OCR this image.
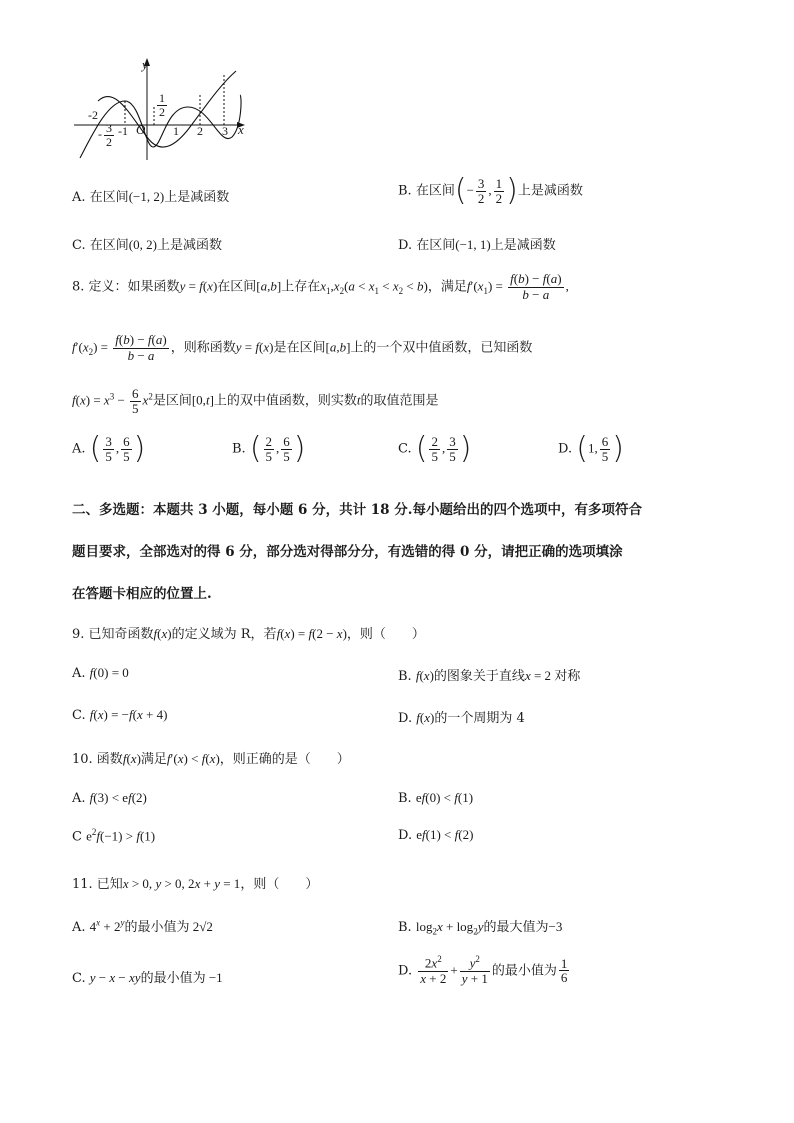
y
x
O
-2
-1	1 2 3
- $\frac{3}{2}$
$\frac{1}{2}$
A. 在区间(−1, 2)上是减函数	B. 在区间(− $\frac{3}{2}$ , $\frac{1}{2}$ )上是减函数
C. 在区间(0, 2)上是减函数	D. 在区间(−1, 1)上是减函数
8. 定义：如果函数y = f(x)在区间[a,b]上存在$x_1,x_2(a < x_1 < x_2 < b)$，满足$f'(x_1) = \frac{f(b) - f(a)}{b - a}$ ,
$f'(x_2) = \frac{f(b) - f(a)}{b - a}$ ，则称函数y = f(x)是在区间[a,b]上的一个双中值函数，已知函数
$f(x) = x^3 - \frac{6}{5} x^2$是区间[0,t]上的双中值函数，则实数t的取值范围是
A. ( $\frac{3}{5}$ , $\frac{6}{5}$ )	B. ( $\frac{2}{5}$ , $\frac{6}{5}$ )	C. ( $\frac{2}{5}$ , $\frac{3}{5}$ )	D. (1, $\frac{6}{5}$ )
二、多选题：本题共 3 小题，每小题 6 分，共计 18 分.每小题给出的四个选项中，有多项符合
题目要求，全部选对的得 6 分，部分选对得部分分，有选错的得 0 分，请把正确的选项填涂
在答题卡相应的位置上.
9. 已知奇函数f(x)的定义域为 R，若f(x) = f(2 − x)，则（　　）
A. f(0) = 0	B. f(x)的图象关于直线x = 2 对称
C. f(x) = −f(x + 4)	D. f(x)的一个周期为 4
10. 函数f(x)满足f′(x) < f(x)，则正确的是（　　）
A. f(3) < ef(2)	B. ef(0) < f(1)
C $e^2f(-1) > f(1)$	D. ef(1) < f(2)
11. 已知x > 0, y > 0, 2x + y = 1，则（　　）
A. $4^x + 2^y$的最小值为 2√2	B. $\log_2x + \log_2y$的最大值为−3
C. y − x − xy的最小值为 −1	D. $\frac{2x^2}{x + 2} + \frac{y^2}{y + 1}$ 的最小值为 $\frac{1}{6}$
